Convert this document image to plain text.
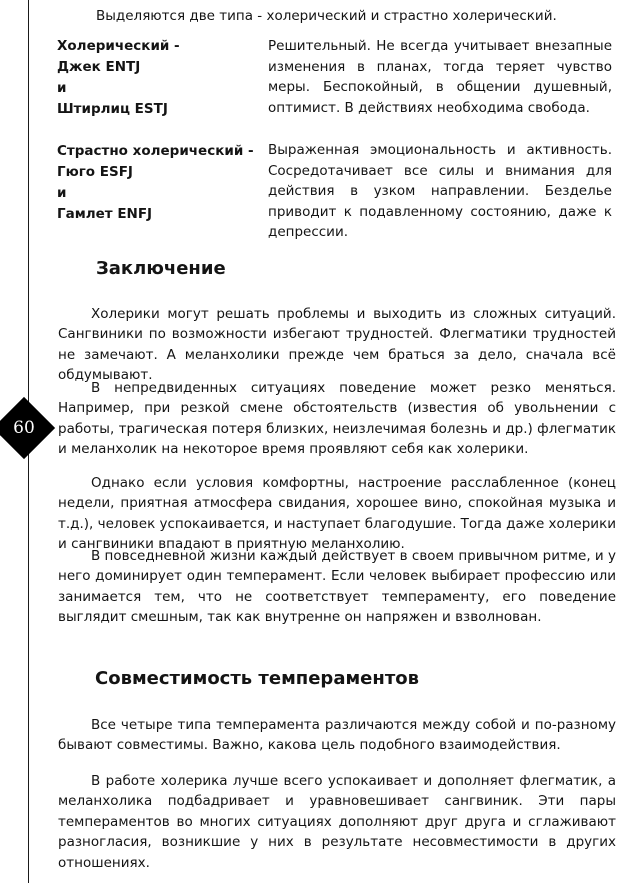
60
Выделяются две типа - холерический и страстно холерический.
Холерический -
Джек ENTJ
и
Штирлиц ESTJ
Решительный. Не всегда учитывает внезапные изменения в планах, тогда теряет чувство меры. Беспокойный, в общении душевный, оптимист. В действиях необходима свобода.
Страстно холерический -
Гюго ESFJ
и
Гамлет ENFJ
Выраженная эмоциональность и активность. Сосредотачивает все силы и внимания для действия в узком направлении. Безделье приводит к подавленному состоянию, даже к депрессии.
Заключение

Холерики могут решать проблемы и выходить из сложных ситуаций. Сангвиники по возможности избегают трудностей. Флегматики трудностей не замечают. А меланхолики прежде чем браться за дело, сначала всё обдумывают.

В непредвиденных ситуациях поведение может резко меняться. Например, при резкой смене обстоятельств (известия об увольнении с работы, трагическая потеря близких, неизлечимая болезнь и др.) флегматик и меланхолик на некоторое время проявляют себя как холерики.

Однако если условия комфортны, настроение расслабленное (конец недели, приятная атмосфера свидания, хорошее вино, спокойная музыка и т.д.), человек успокаивается, и наступает благодушие. Тогда даже холерики и сангвиники впадают в приятную меланхолию.

В повседневной жизни каждый действует в своем привычном ритме, и у него доминирует один темперамент. Если человек выбирает профессию или занимается тем, что не соответствует темпераменту, его поведение выглядит смешным, так как внутренне он напряжен и взволнован.

Совместимость темпераментов

Все четыре типа темперамента различаются между собой и по-разному бывают совместимы. Важно, какова цель подобного взаимодействия.

В работе холерика лучше всего успокаивает и дополняет флегматик, а меланхолика подбадривает и уравновешивает сангвиник. Эти пары темпераментов во многих ситуациях дополняют друг друга и сглаживают разногласия, возникшие у них в результате несовместимости в других отношениях.
